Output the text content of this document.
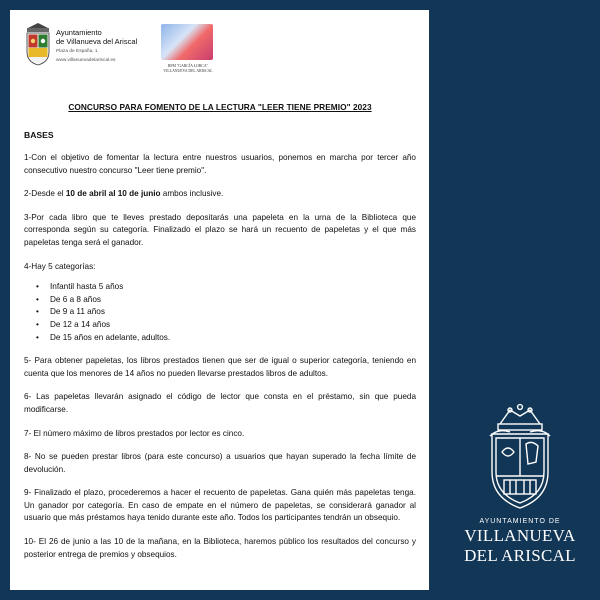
Ayuntamiento
de Villanueva del Ariscal
Plaza de España, 1
www.villanuevadelariscal.es
BPM "GARCÍA LORCA"
VILLANUEVA DEL ARISCAL
CONCURSO PARA FOMENTO DE LA LECTURA "LEER TIENE PREMIO" 2023
BASES

1-Con el objetivo de fomentar la lectura entre nuestros usuarios, ponemos en marcha por tercer año consecutivo nuestro concurso "Leer tiene premio".

2-Desde el 10 de abril al 10 de junio ambos inclusive.

3-Por cada libro que te lleves prestado depositarás una papeleta en la urna de la Biblioteca que corresponda según su categoría. Finalizado el plazo se hará un recuento de papeletas y el que más papeletas tenga será el ganador.

4-Hay 5 categorías:

• Infantil hasta 5 años
• De 6 a 8 años
• De 9 a 11 años
• De 12 a 14 años
• De 15 años en adelante, adultos.

5- Para obtener papeletas, los libros prestados tienen que ser de igual o superior categoría, teniendo en cuenta que los menores de 14 años no pueden llevarse prestados libros de adultos.

6- Las papeletas llevarán asignado el código de lector que consta en el préstamo, sin que pueda modificarse.

7- El número máximo de libros prestados por lector es cinco.

8- No se pueden prestar libros (para este concurso) a usuarios que hayan superado la fecha límite de devolución.

9- Finalizado el plazo, procederemos a hacer el recuento de papeletas. Gana quién más papeletas tenga. Un ganador por categoría. En caso de empate en el número de papeletas, se considerará ganador al usuario que más préstamos haya tenido durante este año. Todos los participantes tendrán un obsequio.

10- El 26 de junio a las 10 de la mañana, en la Biblioteca, haremos público los resultados del concurso y posterior entrega de premios y obsequios.

AYUNTAMIENTO DE
VILLANUEVA
DEL ARISCAL
